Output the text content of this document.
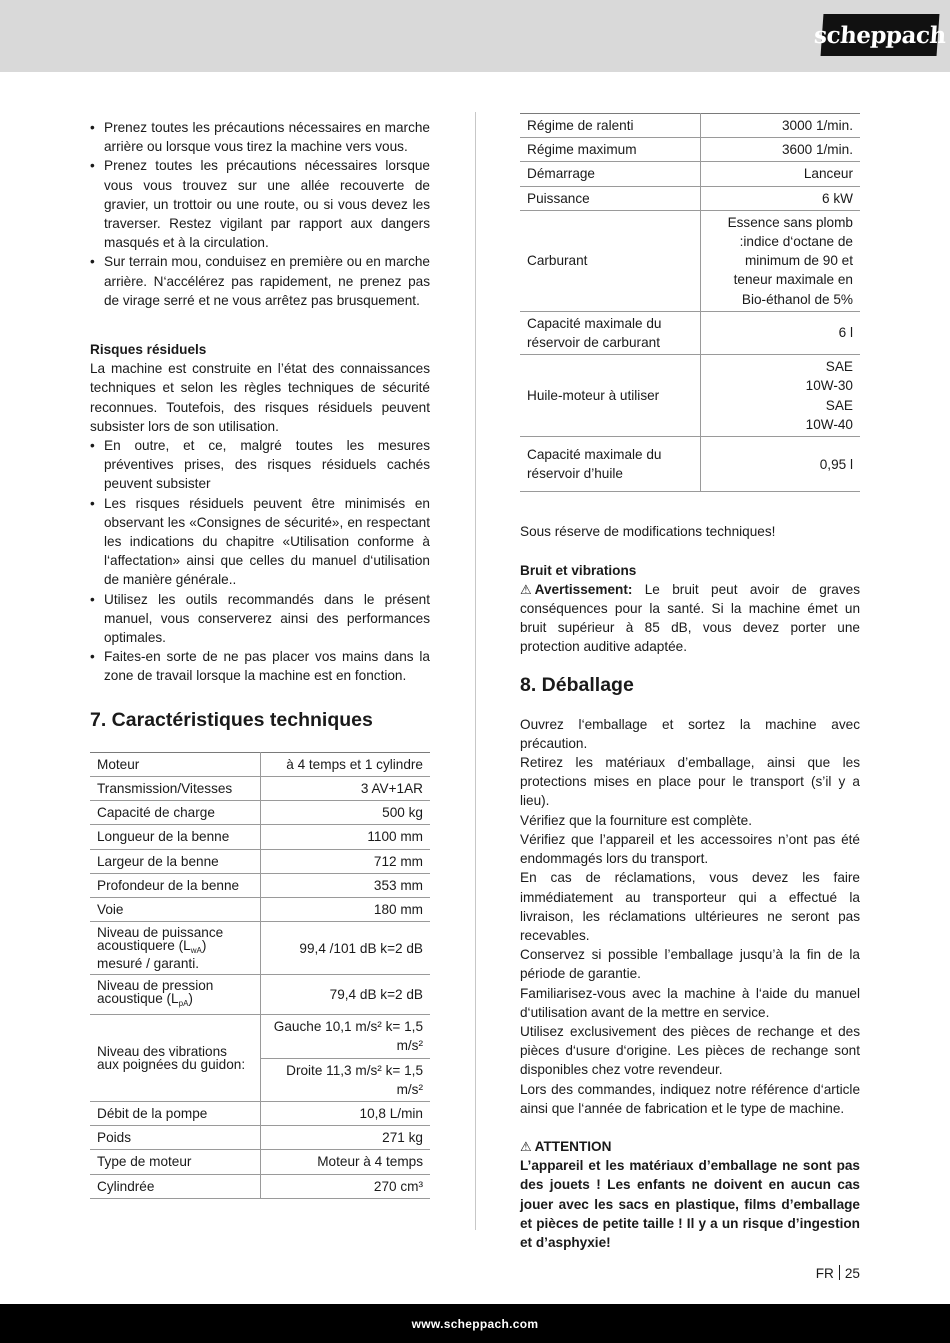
scheppach
• Prenez toutes les précautions nécessaires en marche arrière ou lorsque vous tirez la machine vers vous.
• Prenez toutes les précautions nécessaires lorsque vous vous trouvez sur une allée recouverte de gravier, un trottoir ou une route, ou si vous devez les traverser. Restez vigilant par rapport aux dangers masqués et à la circulation.
• Sur terrain mou, conduisez en première ou en marche arrière. N‘accélérez pas rapidement, ne prenez pas de virage serré et ne vous arrêtez pas brusquement.

Risques résiduels

La machine est construite en l’état des connaissances techniques et selon les règles techniques de sécurité reconnues. Toutefois, des risques résiduels peuvent subsister lors de son utilisation.

• En outre, et ce, malgré toutes les mesures préventives prises, des risques résiduels cachés peuvent subsister
• Les risques résiduels peuvent être minimisés en observant les «Consignes de sécurité», en respectant les indications du chapitre «Utilisation conforme à l‘affectation» ainsi que celles du manuel d‘utilisation de manière générale..
• Utilisez les outils recommandés dans le présent manuel, vous conserverez ainsi des performances optimales.
• Faites-en sorte de ne pas placer vos mains dans la zone de travail lorsque la machine est en fonction.
7. Caractéristiques techniques
Moteur	à 4 temps et 1 cylindre
Transmission/Vitesses	3 AV+1AR
Capacité de charge	500 kg
Longueur de la benne	1100 mm
Largeur de la benne	712 mm
Profondeur de la benne	353 mm
Voie	180 mm
Niveau de puissance acoustiquere $(L_{wA})$ mesuré / garanti.	99,4 /101 dB k=2 dB
Niveau de pression acoustique $(L_{pA})$	79,4 dB k=2 dB
Niveau des vibrations aux poignées du guidon:	Gauche 10,1 m/s² k= 1,5 m/s²
	Droite 11,3 m/s² k= 1,5 m/s²
Débit de la pompe	10,8 L/min
Poids	271 kg
Type de moteur	Moteur à 4 temps
Cylindrée	270 cm³
Régime de ralenti	3000 1/min.
Régime maximum	3600 1/min.
Démarrage	Lanceur
Puissance	6 kW
Carburant	Essence sans plomb :indice d‘octane de minimum de 90 et teneur maximale en Bio-éthanol de 5%
Capacité maximale du réservoir de carburant	6 l
Huile-moteur à utiliser	SAE 10W-30 SAE 10W-40
Capacité maximale du réservoir d’huile	0,95 l

Sous réserve de modifications techniques!

Bruit et vibrations

⚠ Avertissement: Le bruit peut avoir de graves conséquences pour la santé. Si la machine émet un bruit supérieur à 85 dB, vous devez porter une protection auditive adaptée.

8. Déballage

Ouvrez l‘emballage et sortez la machine avec précaution.
Retirez les matériaux d’emballage, ainsi que les protections mises en place pour le transport (s’il y a lieu).
Vérifiez que la fourniture est complète.
Vérifiez que l’appareil et les accessoires n’ont pas été endommagés lors du transport.
En cas de réclamations, vous devez les faire immédiatement au transporteur qui a effectué la livraison, les réclamations ultérieures ne seront pas recevables.
Conservez si possible l’emballage jusqu’à la fin de la période de garantie.
Familiarisez-vous avec la machine à l‘aide du manuel d‘utilisation avant de la mettre en service.
Utilisez exclusivement des pièces de rechange et des pièces d‘usure d‘origine. Les pièces de rechange sont disponibles chez votre revendeur.
Lors des commandes, indiquez notre référence d‘article ainsi que l‘année de fabrication et le type de machine.

⚠ ATTENTION

L’appareil et les matériaux d’emballage ne sont pas des jouets ! Les enfants ne doivent en aucun cas jouer avec les sacs en plastique, films d’emballage et pièces de petite taille ! Il y a un risque d’ingestion et d’asphyxie!

FR 25
www.scheppach.com
